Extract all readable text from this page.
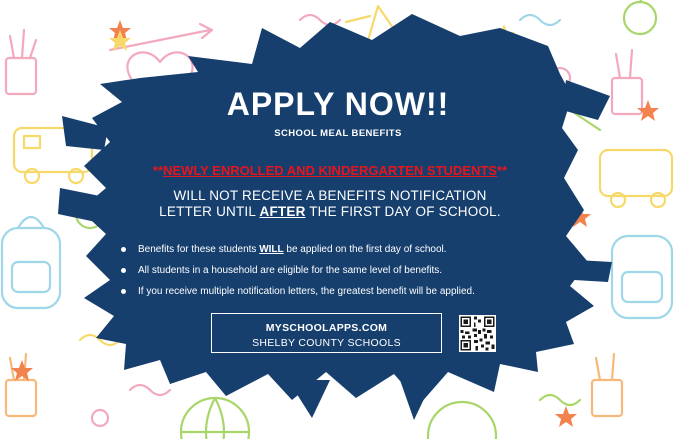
APPLY NOW!!
SCHOOL MEAL BENEFITS
**NEWLY ENROLLED AND KINDERGARTEN STUDENTS**
WILL NOT RECEIVE A BENEFITS NOTIFICATION
LETTER UNTIL AFTER THE FIRST DAY OF SCHOOL.
Benefits for these students WILL be applied on the first day of school.
All students in a household are eligible for the same level of benefits.
If you receive multiple notification letters, the greatest benefit will be applied.
MYSCHOOLAPPS.COM
SHELBY COUNTY SCHOOLS
